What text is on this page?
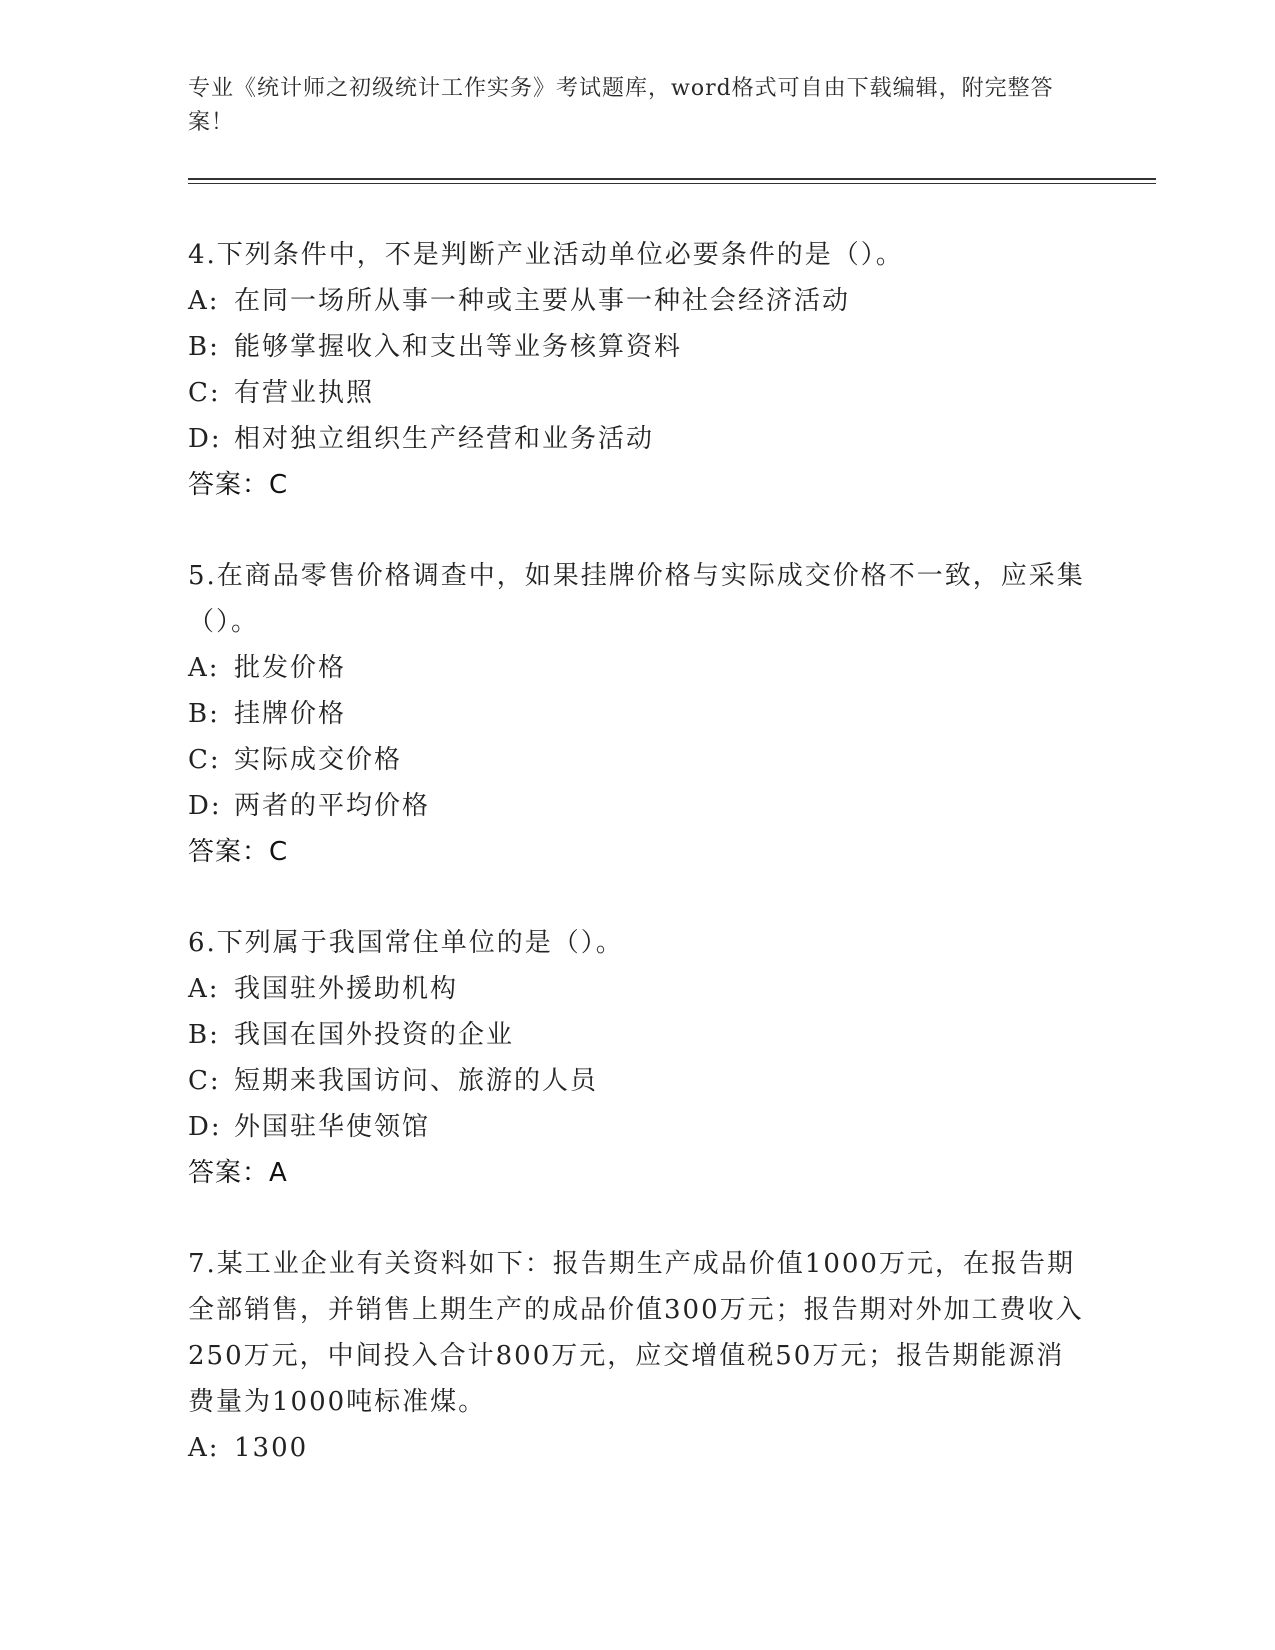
专业《统计师之初级统计工作实务》考试题库，word格式可自由下载编辑，附完整答案！
4.下列条件中，不是判断产业活动单位必要条件的是（）。
A: 在同一场所从事一种或主要从事一种社会经济活动
B: 能够掌握收入和支出等业务核算资料
C: 有营业执照
D: 相对独立组织生产经营和业务活动
答案：C
5.在商品零售价格调查中，如果挂牌价格与实际成交价格不一致，应采集（）。
A: 批发价格
B: 挂牌价格
C: 实际成交价格
D: 两者的平均价格
答案：C
6.下列属于我国常住单位的是（）。
A: 我国驻外援助机构
B: 我国在国外投资的企业
C: 短期来我国访问、旅游的人员
D: 外国驻华使领馆
答案：A
7.某工业企业有关资料如下：报告期生产成品价值1000万元，在报告期全部销售，并销售上期生产的成品价值300万元；报告期对外加工费收入250万元，中间投入合计800万元，应交增值税50万元；报告期能源消费量为1000吨标准煤。
A: 1300
